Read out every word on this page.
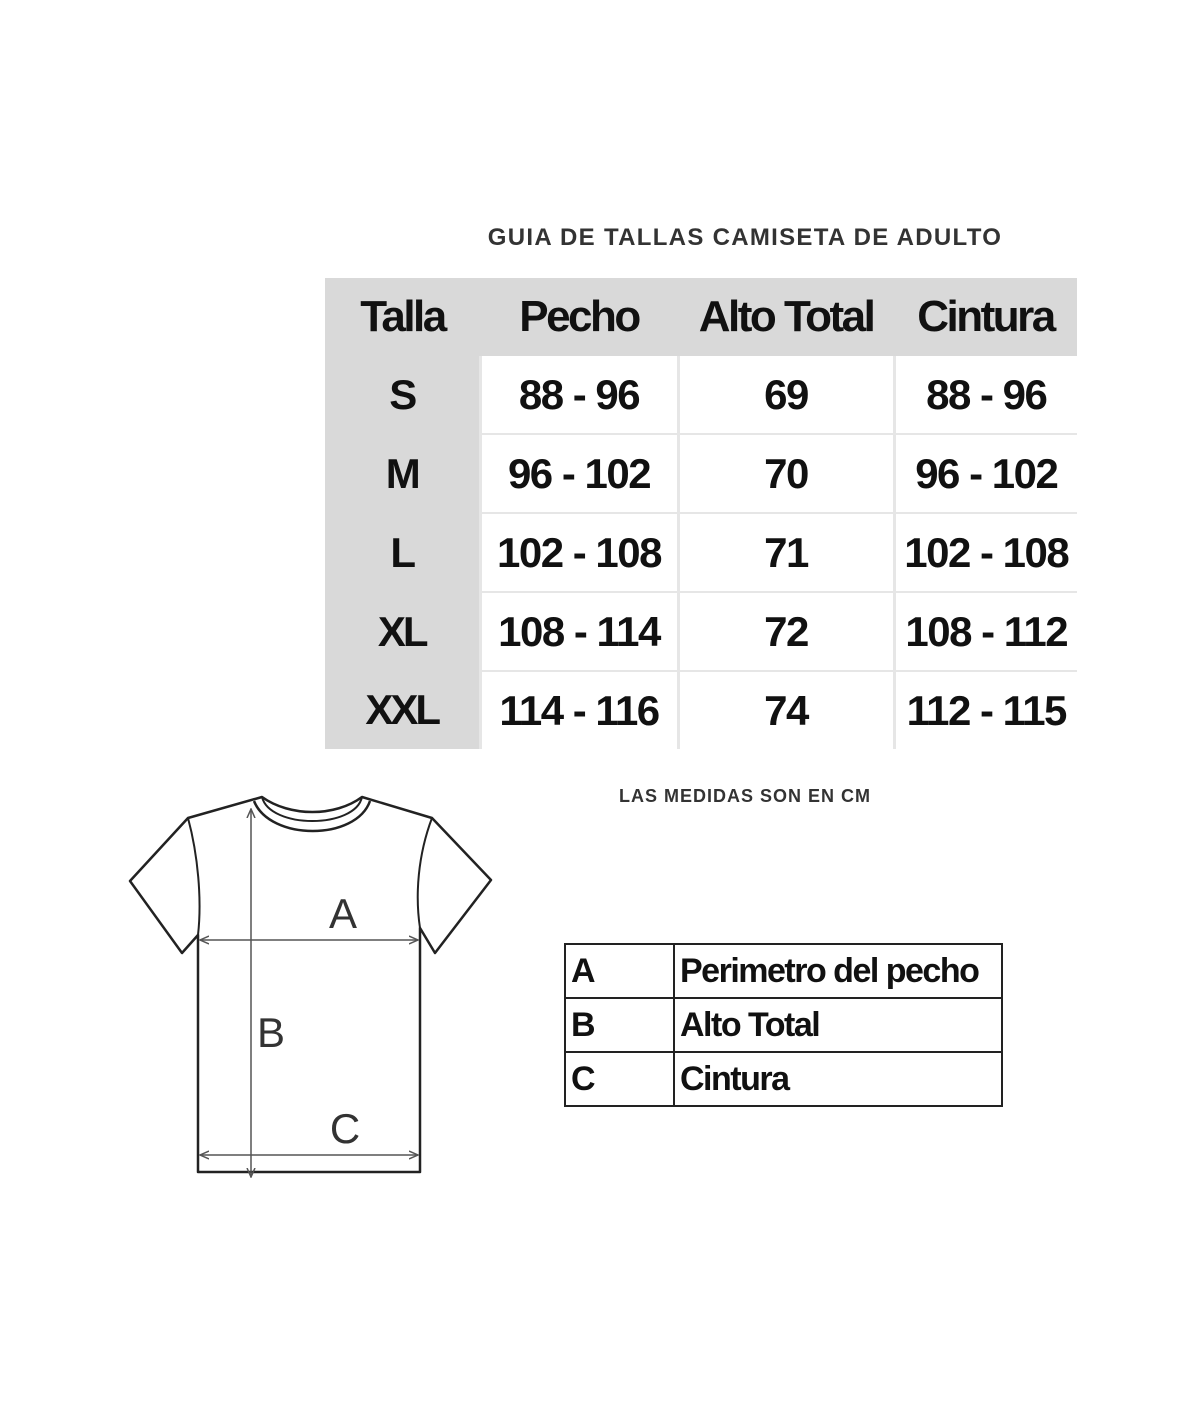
GUIA DE TALLAS CAMISETA DE ADULTO
Talla	Pecho	Alto Total	Cintura
S	88 - 96	69	88 - 96
M	96 - 102	70	96 - 102
L	102 - 108	71	102 - 108
XL	108 - 114	72	108 - 112
XXL	114 - 116	74	112 - 115
LAS MEDIDAS SON EN CM
A
B
C
A	Perimetro del pecho
B	Alto Total
C	Cintura
